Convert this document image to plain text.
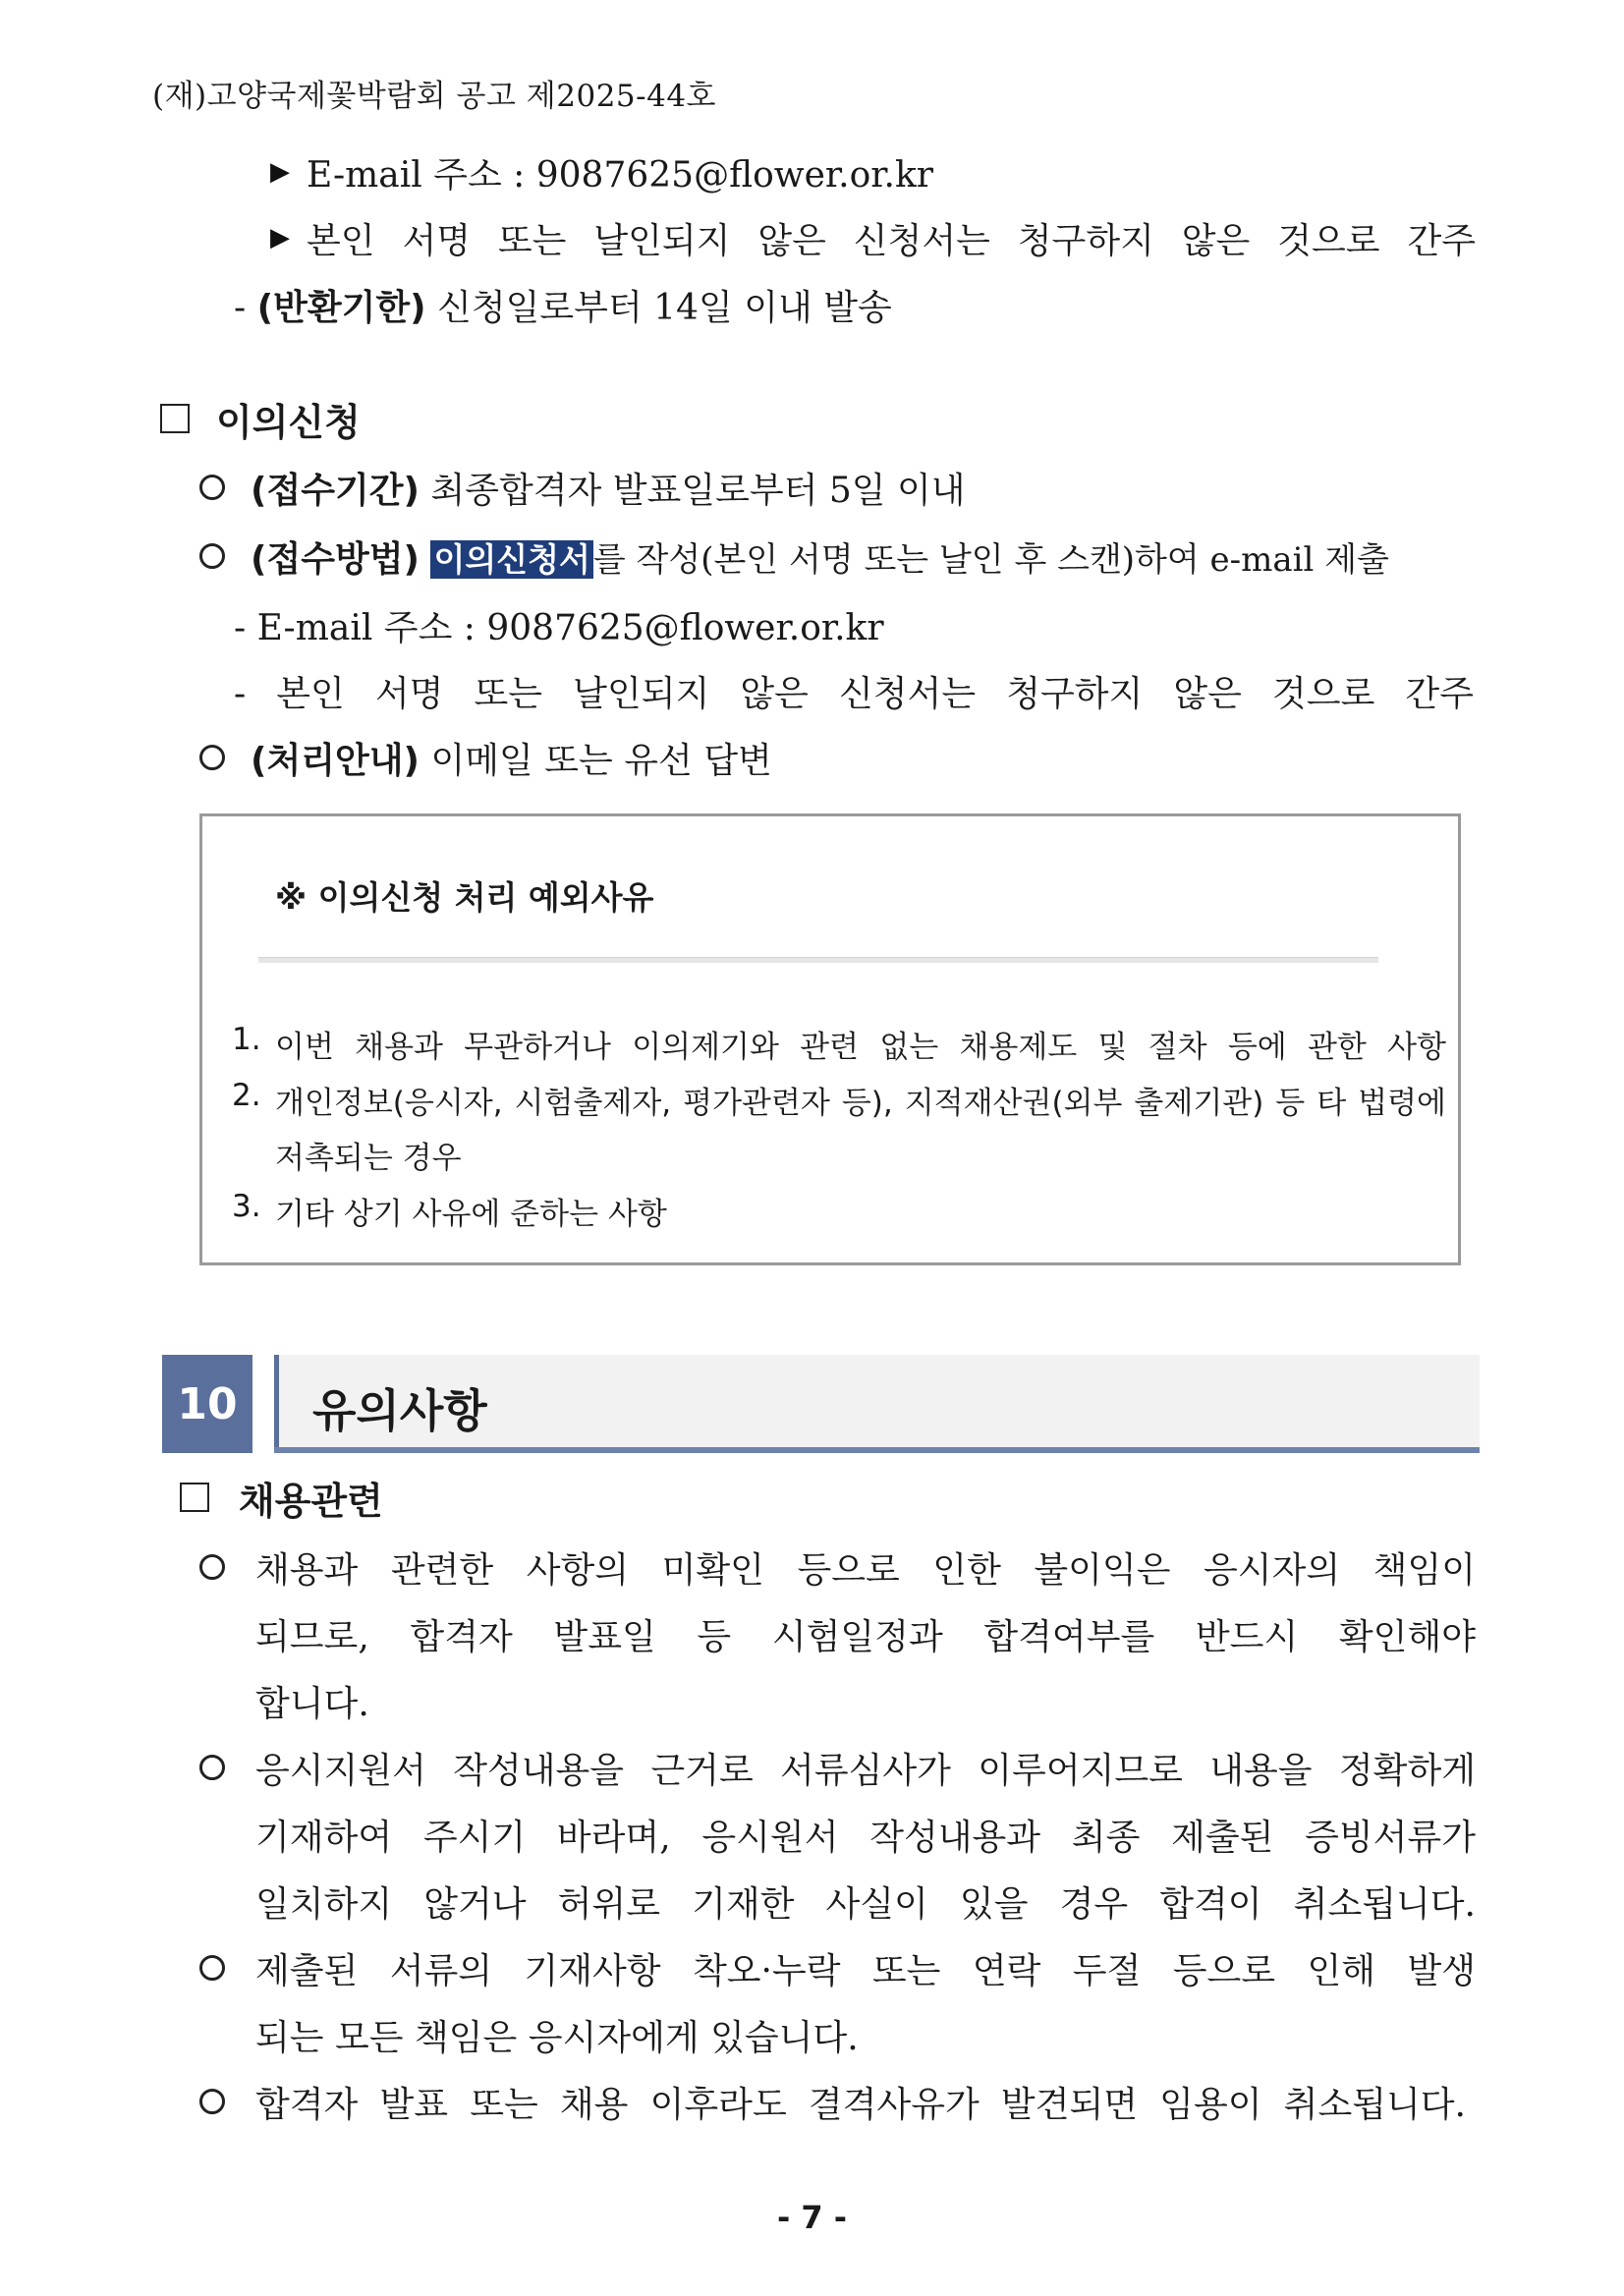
(재)고양국제꽃박람회 공고 제2025-44호
▶ E-mail 주소 : 9087625@flower.or.kr
▶ 본인 서명 또는 날인되지 않은 신청서는 청구하지 않은 것으로 간주
- (반환기한) 신청일로부터 14일 이내 발송
이의신청
(접수기간) 최종합격자 발표일로부터 5일 이내
(접수방법) 이의신청서를 작성(본인 서명 또는 날인 후 스캔)하여 e-mail 제출
- E-mail 주소 : 9087625@flower.or.kr
- 본인 서명 또는 날인되지 않은 신청서는 청구하지 않은 것으로 간주
(처리안내) 이메일 또는 유선 답변
※ 이의신청 처리 예외사유
1. 이번 채용과 무관하거나 이의제기와 관련 없는 채용제도 및 절차 등에 관한 사항
2. 개인정보(응시자, 시험출제자, 평가관련자 등), 지적재산권(외부 출제기관) 등 타 법령에
저촉되는 경우
3. 기타 상기 사유에 준하는 사항
10	유의사항
채용관련
채용과 관련한 사항의 미확인 등으로 인한 불이익은 응시자의 책임이
되므로, 합격자 발표일 등 시험일정과 합격여부를 반드시 확인해야
합니다.
응시지원서 작성내용을 근거로 서류심사가 이루어지므로 내용을 정확하게
기재하여 주시기 바라며, 응시원서 작성내용과 최종 제출된 증빙서류가
일치하지 않거나 허위로 기재한 사실이 있을 경우 합격이 취소됩니다.
제출된 서류의 기재사항 착오·누락 또는 연락 두절 등으로 인해 발생
되는 모든 책임은 응시자에게 있습니다.
합격자 발표 또는 채용 이후라도 결격사유가 발견되면 임용이 취소됩니다.
- 7 -
